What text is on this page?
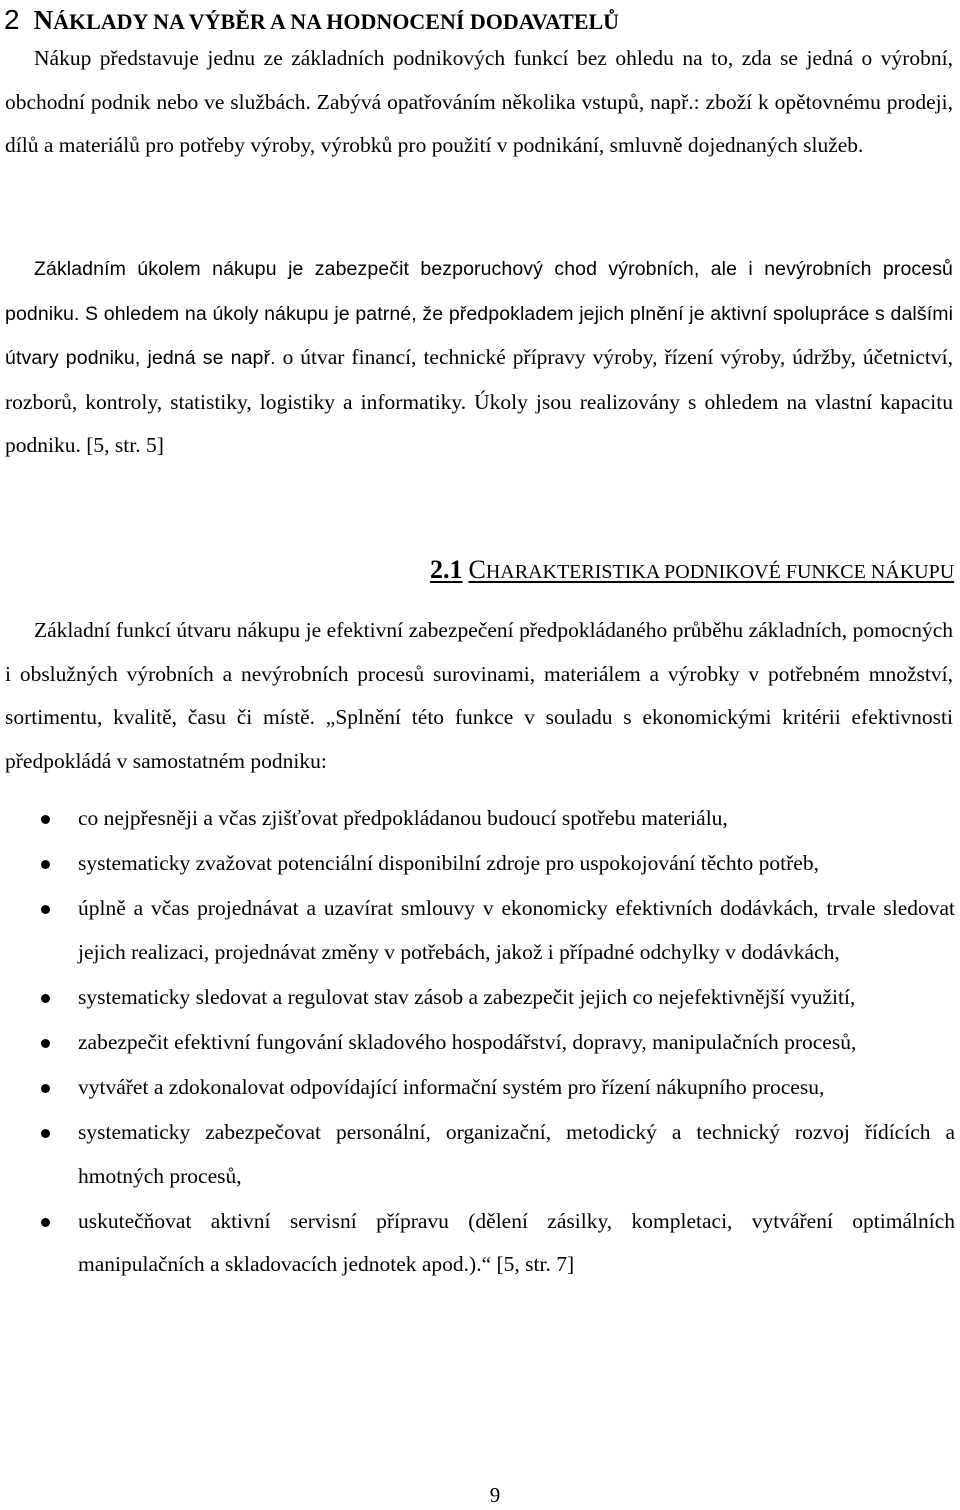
2 NÁKLADY NA VÝBĚR A NA HODNOCENÍ DODAVATELŮ

Nákup představuje jednu ze základních podnikových funkcí bez ohledu na to, zda se jedná o výrobní, obchodní podnik nebo ve službách. Zabývá opatřováním několika vstupů, např.: zboží k opětovnému prodeji, dílů a materiálů pro potřeby výroby, výrobků pro použití v podnikání, smluvně dojednaných služeb.

Základním úkolem nákupu je zabezpečit bezporuchový chod výrobních, ale i nevýrobních procesů podniku. S ohledem na úkoly nákupu je patrné, že předpokladem jejich plnění je aktivní spolupráce s dalšími útvary podniku, jedná se např. o útvar financí, technické přípravy výroby, řízení výroby, údržby, účetnictví, rozborů, kontroly, statistiky, logistiky a informatiky. Úkoly jsou realizovány s ohledem na vlastní kapacitu podniku. [5, str. 5]

2.1 CHARAKTERISTIKA PODNIKOVÉ FUNKCE NÁKUPU

Základní funkcí útvaru nákupu je efektivní zabezpečení předpokládaného průběhu základních, pomocných i obslužných výrobních a nevýrobních procesů surovinami, materiálem a výrobky v potřebném množství, sortimentu, kvalitě, času či místě. „Splnění této funkce v souladu s ekonomickými kritérii efektivnosti předpokládá v samostatném podniku:

co nejpřesněji a včas zjišťovat předpokládanou budoucí spotřebu materiálu,
systematicky zvažovat potenciální disponibilní zdroje pro uspokojování těchto potřeb,
úplně a včas projednávat a uzavírat smlouvy v ekonomicky efektivních dodávkách, trvale sledovat jejich realizaci, projednávat změny v potřebách, jakož i případné odchylky v dodávkách,
systematicky sledovat a regulovat stav zásob a zabezpečit jejich co nejefektivnější využití,
zabezpečit efektivní fungování skladového hospodářství, dopravy, manipulačních procesů,
vytvářet a zdokonalovat odpovídající informační systém pro řízení nákupního procesu,
systematicky zabezpečovat personální, organizační, metodický a technický rozvoj řídících a hmotných procesů,
uskutečňovat aktivní servisní přípravu (dělení zásilky, kompletaci, vytváření optimálních manipulačních a skladovacích jednotek apod.).“ [5, str. 7]
9
